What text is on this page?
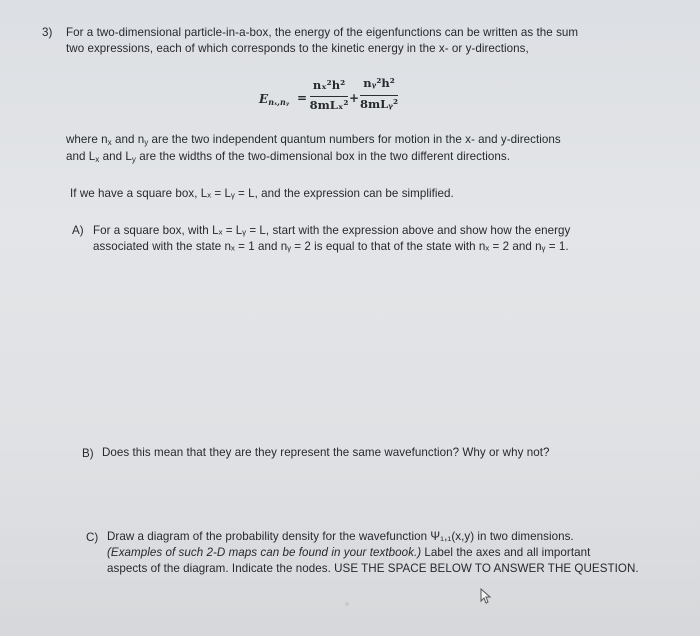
3) For a two-dimensional particle-in-a-box, the energy of the eigenfunctions can be written as the sum
two expressions, each of which corresponds to the kinetic energy in the x- or y-directions,
$E_{n_x,nᵧ}$ =
nₓ²h²
8mLₓ² +
nᵧ²h²
8mLᵧ²
where $n_x$ and $n_y$ are the two independent quantum numbers for motion in the x- and y-directions
and $L_x$ and $L_y$ are the widths of the two-dimensional box in the two different directions.
If we have a square box, Lₓ = Lᵧ = L, and the expression can be simplified.
A) For a square box, with Lₓ = Lᵧ = L, start with the expression above and show how the energy
associated with the state nₓ = 1 and nᵧ = 2 is equal to that of the state with nₓ = 2 and nᵧ = 1.
B) Does this mean that they are they represent the same wavefunction? Why or why not?
C) Draw a diagram of the probability density for the wavefunction Ψ₁,₁(x,y) in two dimensions.
(Examples of such 2-D maps can be found in your textbook.) Label the axes and all important
aspects of the diagram. Indicate the nodes. USE THE SPACE BELOW TO ANSWER THE QUESTION.
